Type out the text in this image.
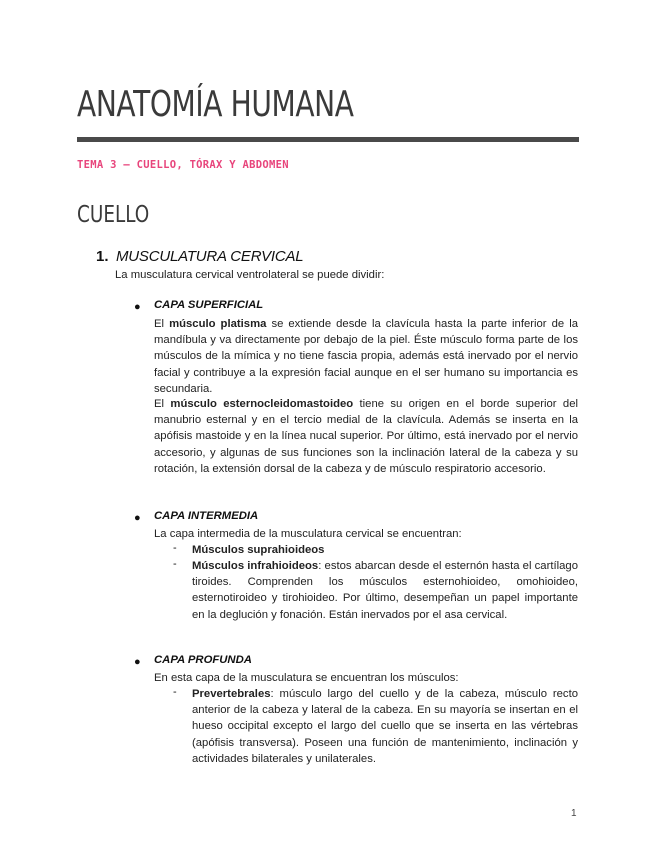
ANATOMÍA HUMANA
TEMA 3 – CUELLO, TÓRAX Y ABDOMEN
CUELLO
1. MUSCULATURA CERVICAL
La musculatura cervical ventrolateral se puede dividir:
● CAPA SUPERFICIAL
El músculo platisma se extiende desde la clavícula hasta la parte inferior de la mandíbula y va directamente por debajo de la piel. Éste músculo forma parte de los músculos de la mímica y no tiene fascia propia, además está inervado por el nervio facial y contribuye a la expresión facial aunque en el ser humano su importancia es secundaria.
El músculo esternocleidomastoideo tiene su origen en el borde superior del manubrio esternal y en el tercio medial de la clavícula. Además se inserta en la apófisis mastoide y en la línea nucal superior. Por último, está inervado por el nervio accesorio, y algunas de sus funciones son la inclinación lateral de la cabeza y su rotación, la extensión dorsal de la cabeza y de músculo respiratorio accesorio.
● CAPA INTERMEDIA
La capa intermedia de la musculatura cervical se encuentran:
- Músculos suprahioideos
- Músculos infrahioideos: estos abarcan desde el esternón hasta el cartílago tiroides. Comprenden los músculos esternohioideo, omohioideo, esternotiroideo y tirohioideo. Por último, desempeñan un papel importante en la deglución y fonación. Están inervados por el asa cervical.
● CAPA PROFUNDA
En esta capa de la musculatura se encuentran los músculos:
- Prevertebrales: músculo largo del cuello y de la cabeza, músculo recto anterior de la cabeza y lateral de la cabeza. En su mayoría se insertan en el hueso occipital excepto el largo del cuello que se inserta en las vértebras (apófisis transversa). Poseen una función de mantenimiento, inclinación y actividades bilaterales y unilaterales.
1
